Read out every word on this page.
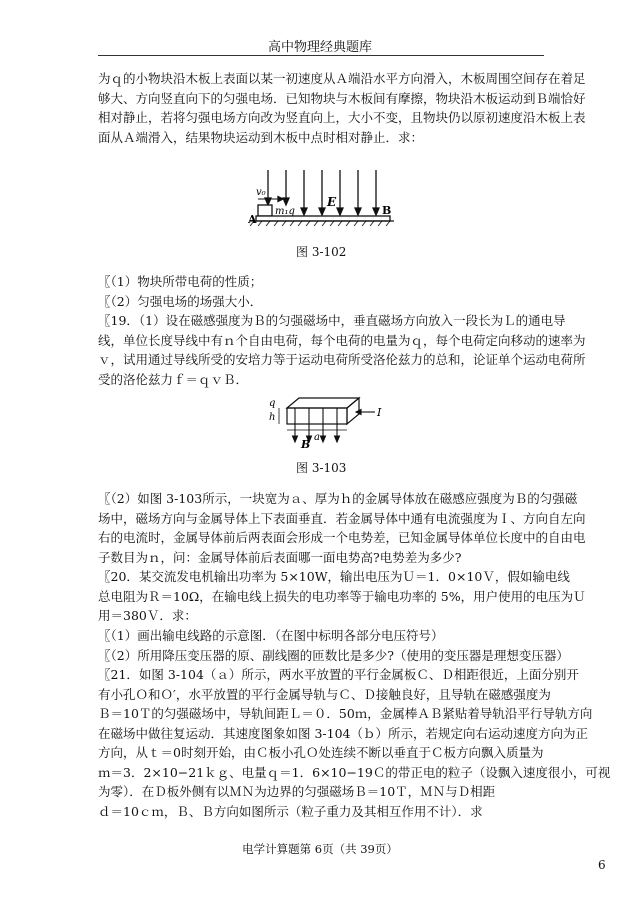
高中物理经典题库
为ｑ的小物块沿木板上表面以某一初速度从Ａ端沿水平方向滑入，木板周围空间存在着足
够大、方向竖直向下的匀强电场．已知物块与木板间有摩擦，物块沿木板运动到Ｂ端恰好
相对静止，若将匀强电场方向改为竖直向上，大小不变，且物块仍以原初速度沿木板上表
面从Ａ端滑入，结果物块运动到木板中点时相对静止．求：
v₀
E
m₁q
A
B
图 3-102
〖（1）物块所带电荷的性质；
〖（2）匀强电场的场强大小．
〖19．（1）设在磁感强度为Ｂ的匀强磁场中，垂直磁场方向放入一段长为Ｌ的通电导
线，单位长度导线中有ｎ个自由电荷，每个电荷的电量为ｑ，每个电荷定向移动的速率为
ｖ，试用通过导线所受的安培力等于运动电荷所受洛伦兹力的总和，论证单个运动电荷所
受的洛伦兹力ｆ＝ｑｖＢ．
q
h
a
B
I
图 3-103
〖（2）如图 3-103所示，一块宽为ａ、厚为ｈ的金属导体放在磁感应强度为Ｂ的匀强磁
场中，磁场方向与金属导体上下表面垂直．若金属导体中通有电流强度为Ｉ、方向自左向
右的电流时，金属导体前后两表面会形成一个电势差，已知金属导体单位长度中的自由电
子数目为ｎ，问：金属导体前后表面哪一面电势高?电势差为多少?
〖20．某交流发电机输出功率为 5×10W，输出电压为Ｕ＝1．0×10Ｖ，假如输电线
总电阻为Ｒ＝10Ω，在输电线上损失的电功率等于输电功率的 5%，用户使用的电压为Ｕ
用＝380Ｖ．求：
〖（1）画出输电线路的示意图．（在图中标明各部分电压符号）
〖（2）所用降压变压器的原、副线圈的匝数比是多少?（使用的变压器是理想变压器）
〖21．如图 3-104（ａ）所示，两水平放置的平行金属板Ｃ、Ｄ相距很近，上面分别开
有小孔Ｏ和Ｏ′，水平放置的平行金属导轨与Ｃ、Ｄ接触良好，且导轨在磁感强度为
Ｂ＝10Ｔ的匀强磁场中，导轨间距Ｌ＝０．50ｍ，金属棒ＡＢ紧贴着导轨沿平行导轨方向
在磁场中做往复运动．其速度图象如图 3-104（ｂ）所示，若规定向右运动速度方向为正
方向，从ｔ＝0时刻开始，由Ｃ板小孔Ｏ处连续不断以垂直于Ｃ板方向飘入质量为
ｍ＝3．2×10−21ｋｇ、电量ｑ＝1．6×10−19Ｃ的带正电的粒子（设飘入速度很小，可视
为零）．在Ｄ板外侧有以ＭＮ为边界的匀强磁场Ｂ＝10Ｔ，ＭＮ与Ｄ相距
ｄ＝10ｃｍ，Ｂ、Ｂ方向如图所示（粒子重力及其相互作用不计）．求
电学计算题第 6页（共 39页）
6
